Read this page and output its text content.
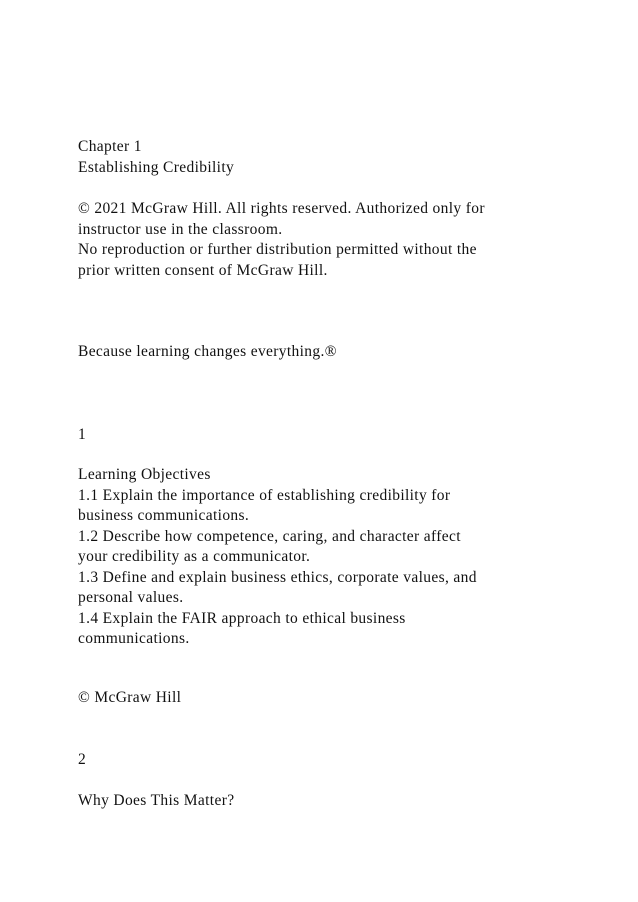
Chapter 1
Establishing Credibility
© 2021 McGraw Hill. All rights reserved. Authorized only for
instructor use in the classroom.
No reproduction or further distribution permitted without the
prior written consent of McGraw Hill.
Because learning changes everything.®
1
Learning Objectives
1.1 Explain the importance of establishing credibility for
business communications.
1.2 Describe how competence, caring, and character affect
your credibility as a communicator.
1.3 Define and explain business ethics, corporate values, and
personal values.
1.4 Explain the FAIR approach to ethical business
communications.
© McGraw Hill
2
Why Does This Matter?
